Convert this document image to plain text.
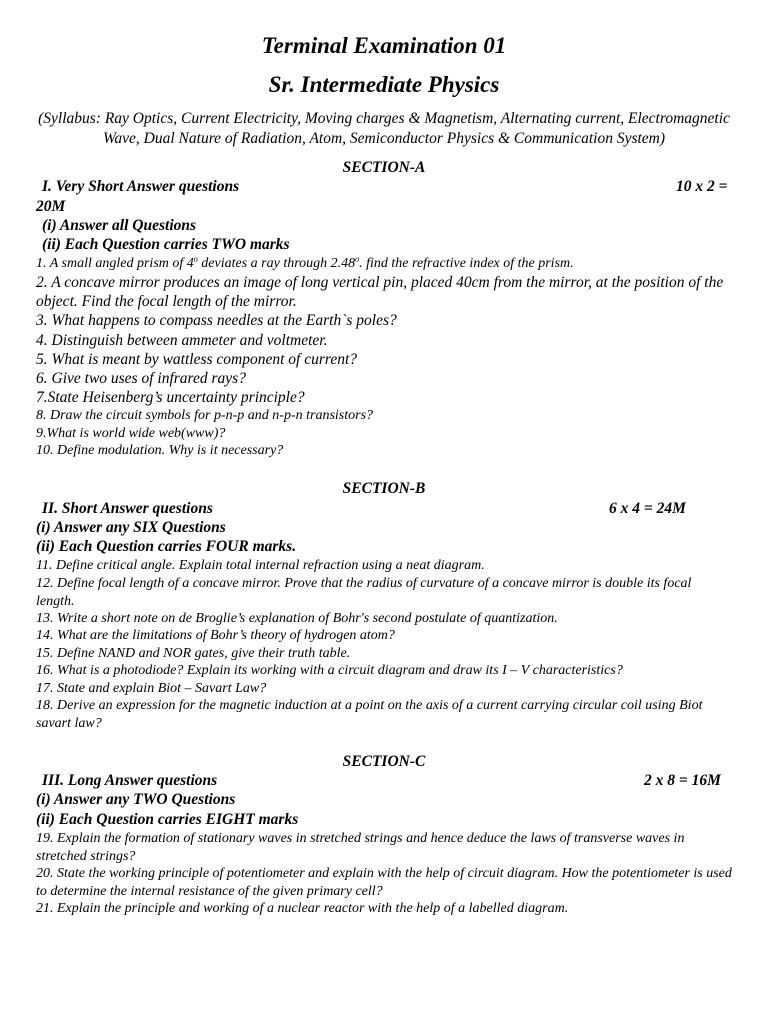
Terminal Examination 01
Sr. Intermediate Physics
(Syllabus: Ray Optics, Current Electricity, Moving charges & Magnetism, Alternating current, Electromagnetic Wave, Dual Nature of Radiation, Atom, Semiconductor Physics & Communication System)
SECTION-A
I. Very Short Answer questions	10 x 2 =
20M
(i) Answer all Questions
(ii) Each Question carries TWO marks
1. A small angled prism of 4$^o$ deviates a ray through 2.48$^o$. find the refractive index of the prism.
2. A concave mirror produces an image of long vertical pin, placed 40cm from the mirror, at the position of the object. Find the focal length of the mirror.
3. What happens to compass needles at the Earth`s poles?
4. Distinguish between ammeter and voltmeter.
5. What is meant by wattless component of current?
6. Give two uses of infrared rays?
7.State Heisenberg’s uncertainty principle?
8. Draw the circuit symbols for p-n-p and n-p-n transistors?
9.What is world wide web(www)?
10. Define modulation. Why is it necessary?
SECTION-B
II. Short Answer questions	6 x 4 = 24M
(i) Answer any SIX Questions
(ii) Each Question carries FOUR marks.
11. Define critical angle. Explain total internal refraction using a neat diagram.
12. Define focal length of a concave mirror. Prove that the radius of curvature of a concave mirror is double its focal length.
13. Write a short note on de Broglie’s explanation of Bohr's second postulate of quantization.
14. What are the limitations of Bohr’s theory of hydrogen atom?
15. Define NAND and NOR gates, give their truth table.
16. What is a photodiode? Explain its working with a circuit diagram and draw its I – V characteristics?
17. State and explain Biot – Savart Law?
18. Derive an expression for the magnetic induction at a point on the axis of a current carrying circular coil using Biot savart law?
SECTION-C
III. Long Answer questions	2 x 8 = 16M
(i) Answer any TWO Questions
(ii) Each Question carries EIGHT marks
19. Explain the formation of stationary waves in stretched strings and hence deduce the laws of transverse waves in stretched strings?
20. State the working principle of potentiometer and explain with the help of circuit diagram. How the potentiometer is used to determine the internal resistance of the given primary cell?
21. Explain the principle and working of a nuclear reactor with the help of a labelled diagram.
